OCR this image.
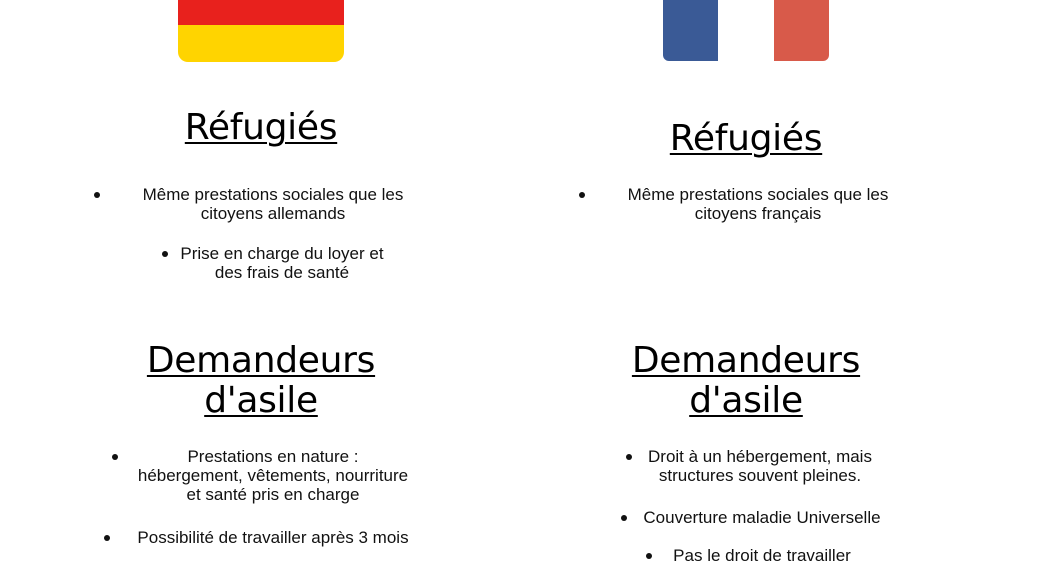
Réfugiés
Même prestations sociales que les
citoyens allemands
Prise en charge du loyer et
des frais de santé
Demandeurs
d'asile
Prestations en nature :
hébergement, vêtements, nourriture
et santé pris en charge
Possibilité de travailler après 3 mois
Réfugiés
Même prestations sociales que les
citoyens français
Demandeurs
d'asile
Droit à un hébergement, mais
structures souvent pleines.
Couverture maladie Universelle
Pas le droit de travailler
